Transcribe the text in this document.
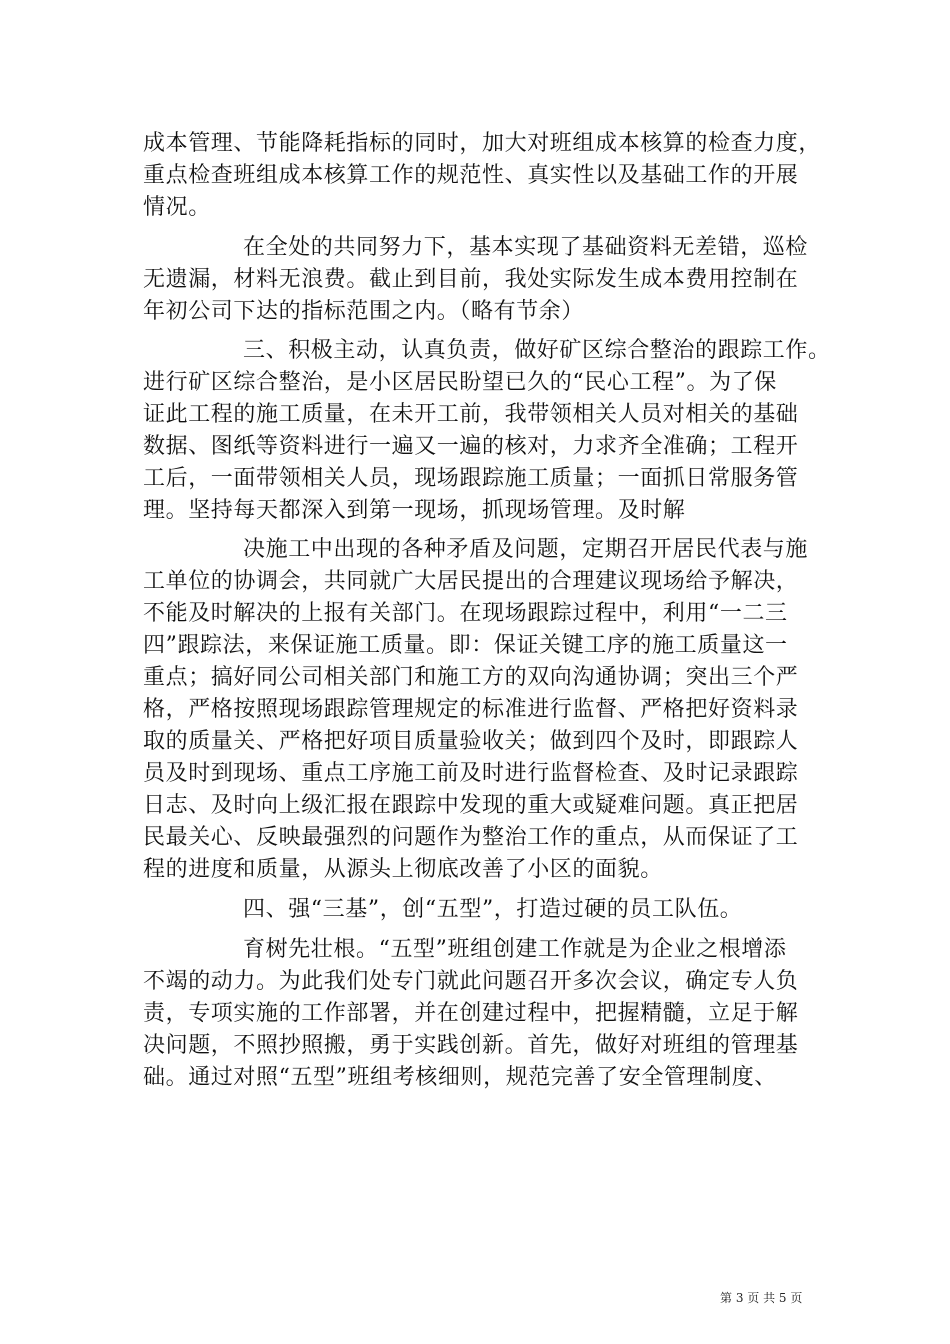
成本管理、节能降耗指标的同时，加大对班组成本核算的检查力度，
重点检查班组成本核算工作的规范性、真实性以及基础工作的开展
情况。
在全处的共同努力下，基本实现了基础资料无差错，巡检
无遗漏，材料无浪费。截止到目前，我处实际发生成本费用控制在
年初公司下达的指标范围之内。（略有节余）
三、积极主动，认真负责，做好矿区综合整治的跟踪工作。
进行矿区综合整治，是小区居民盼望已久的“民心工程”。为了保
证此工程的施工质量，在未开工前，我带领相关人员对相关的基础
数据、图纸等资料进行一遍又一遍的核对，力求齐全准确；工程开
工后，一面带领相关人员，现场跟踪施工质量；一面抓日常服务管
理。坚持每天都深入到第一现场，抓现场管理。及时解
决施工中出现的各种矛盾及问题，定期召开居民代表与施
工单位的协调会，共同就广大居民提出的合理建议现场给予解决，
不能及时解决的上报有关部门。在现场跟踪过程中，利用“一二三
四”跟踪法，来保证施工质量。即：保证关键工序的施工质量这一
重点；搞好同公司相关部门和施工方的双向沟通协调；突出三个严
格，严格按照现场跟踪管理规定的标准进行监督、严格把好资料录
取的质量关、严格把好项目质量验收关；做到四个及时，即跟踪人
员及时到现场、重点工序施工前及时进行监督检查、及时记录跟踪
日志、及时向上级汇报在跟踪中发现的重大或疑难问题。真正把居
民最关心、反映最强烈的问题作为整治工作的重点，从而保证了工
程的进度和质量，从源头上彻底改善了小区的面貌。
四、强“三基”，创“五型”，打造过硬的员工队伍。
育树先壮根。“五型”班组创建工作就是为企业之根增添
不竭的动力。为此我们处专门就此问题召开多次会议，确定专人负
责，专项实施的工作部署，并在创建过程中，把握精髓，立足于解
决问题，不照抄照搬，勇于实践创新。首先，做好对班组的管理基
础。通过对照“五型”班组考核细则，规范完善了安全管理制度、
第 3 页 共 5 页
